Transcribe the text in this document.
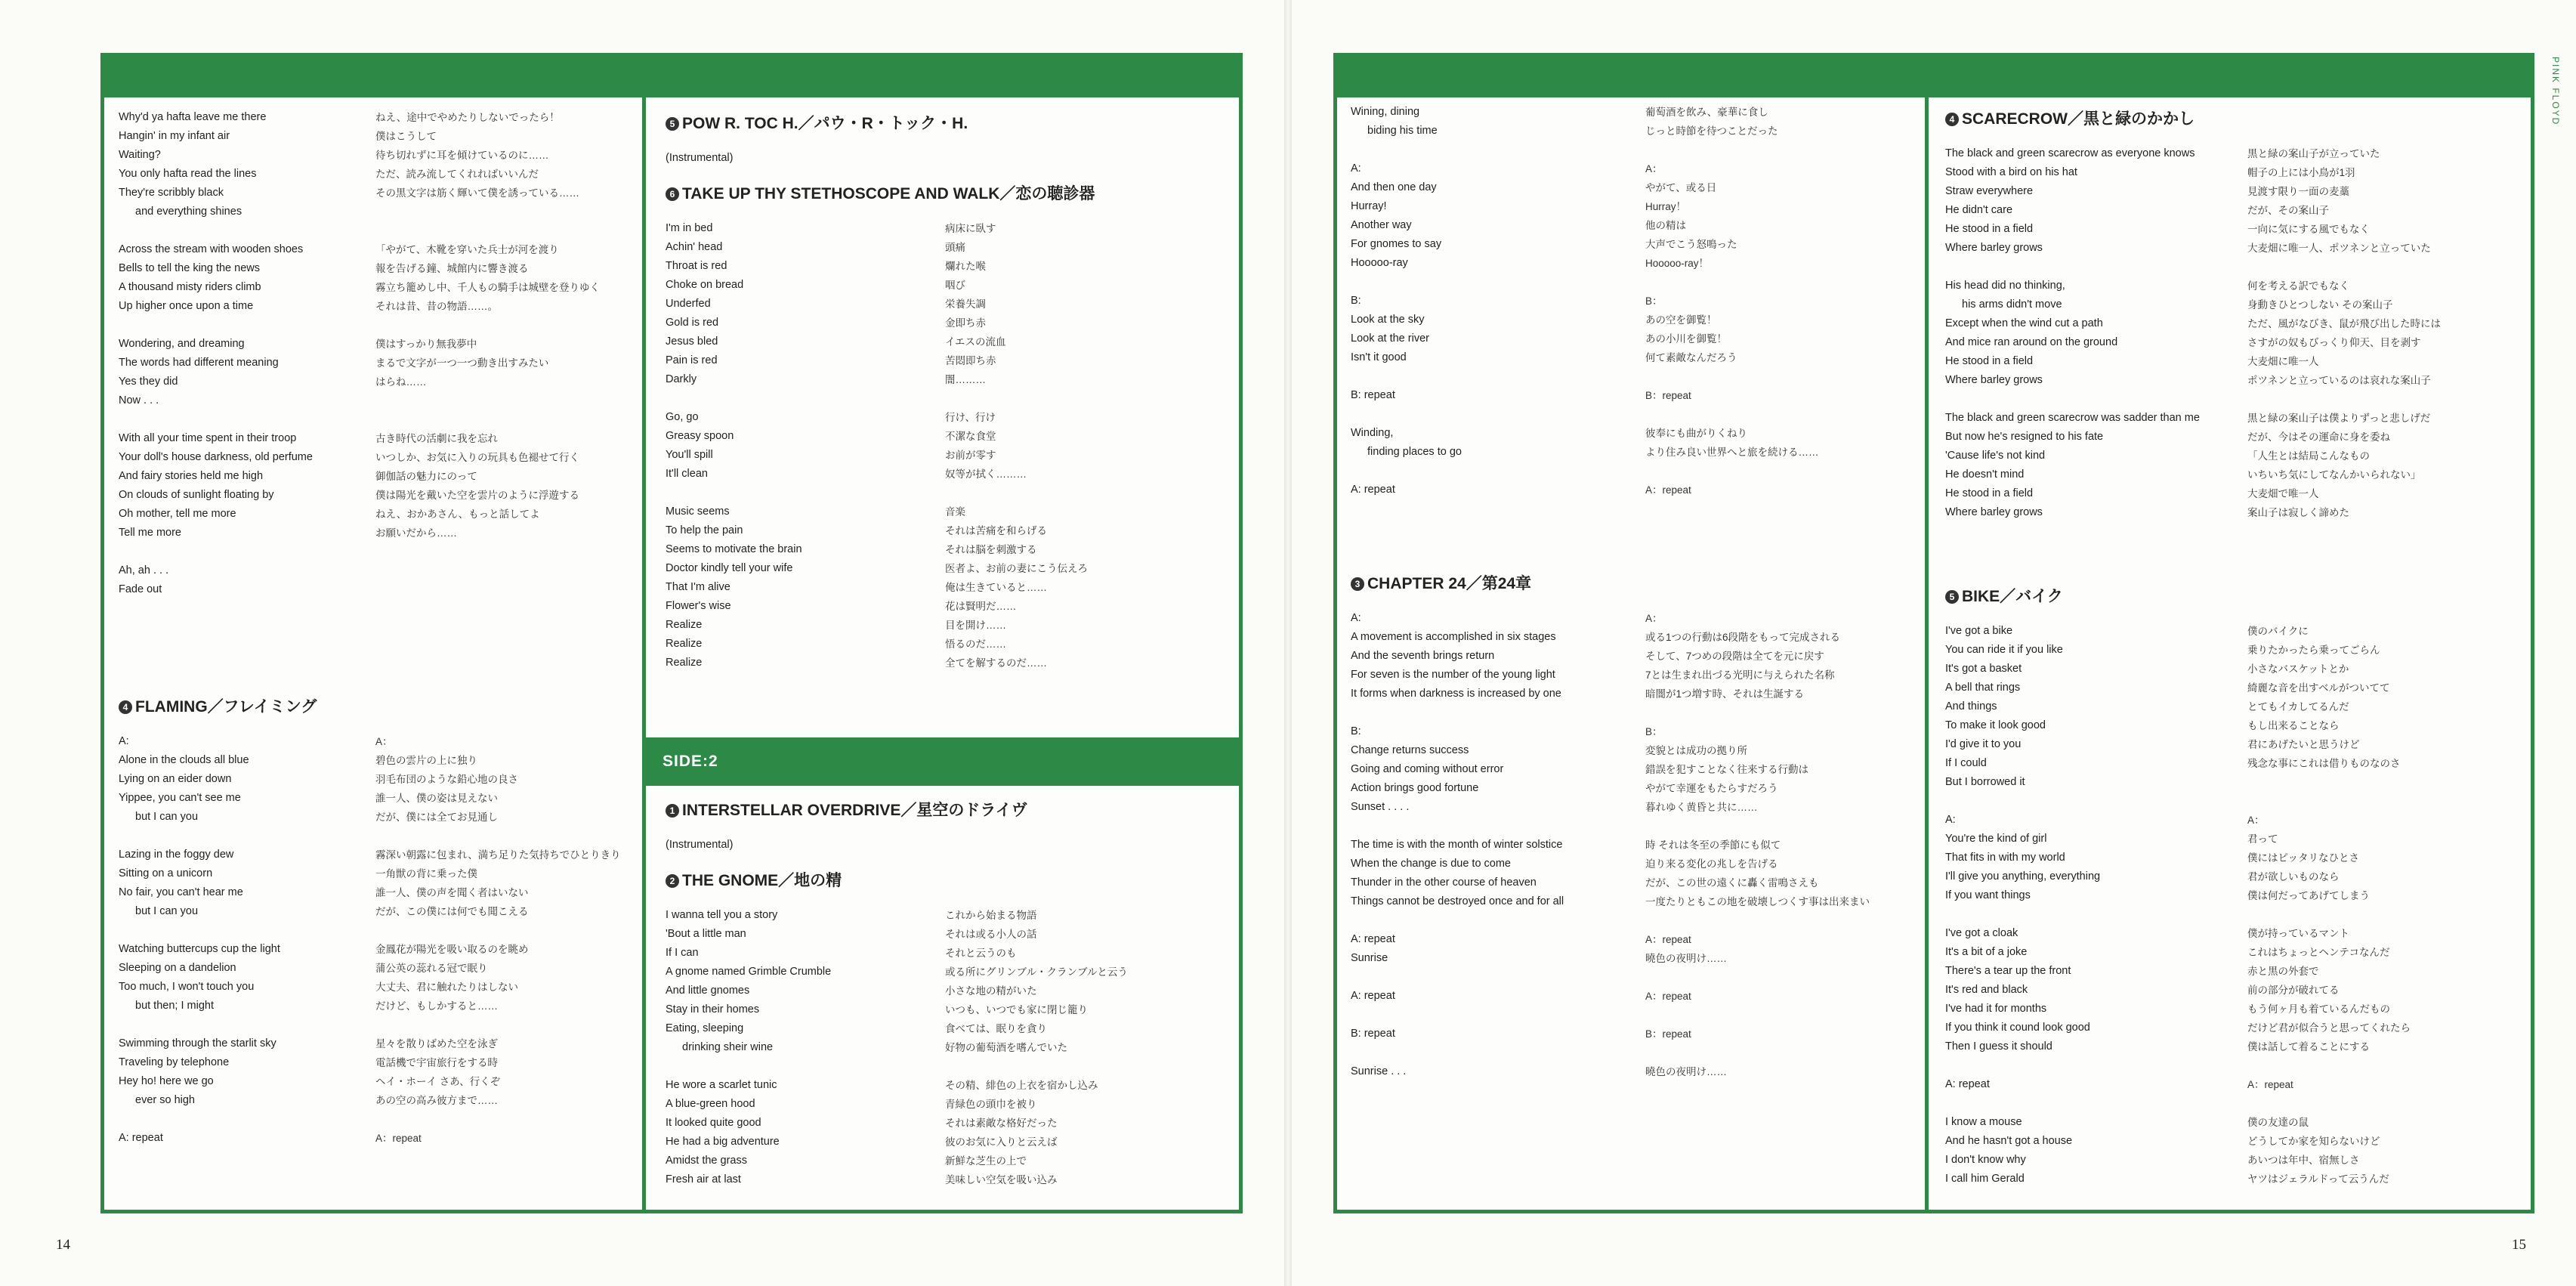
SIDE:2
Why'd ya hafta leave me there	ねえ、途中でやめたりしないでったら！
Hangin' in my infant air	僕はこうして
Waiting?	待ち切れずに耳を傾けているのに……
You only hafta read the lines	ただ、読み流してくれればいいんだ
They're scribbly black	その黒文字は筋く輝いて僕を誘っている……
and everything shines
Across the stream with wooden shoes	「やがて、木靴を穿いた兵士が河を渡り
Bells to tell the king the news	報を告げる鐘、城館内に響き渡る
A thousand misty riders climb	霧立ち籠めし中、千人もの騎手は城壁を登りゆく
Up higher once upon a time	それは昔、昔の物語……。
Wondering, and dreaming	僕はすっかり無我夢中
The words had different meaning	まるで文字が一つ一つ動き出すみたい
Yes they did	はらね……
Now . . .
With all your time spent in their troop	古き時代の活劇に我を忘れ
Your doll's house darkness, old perfume	いつしか、お気に入りの玩具も色褪せて行く
And fairy stories held me high	御伽話の魅力にのって
On clouds of sunlight floating by	僕は陽光を戴いた空を雲片のように浮遊する
Oh mother, tell me more	ねえ、おかあさん、もっと話してよ
Tell me more	お願いだから……
Ah, ah . . .
Fade out
4 FLAMING／フレイミング
A:	A：
Alone in the clouds all blue	碧色の雲片の上に独り
Lying on an eider down	羽毛布団のような鉛心地の良さ
Yippee, you can't see me	誰一人、僕の姿は見えない
but I can you	だが、僕には全てお見通し
Lazing in the foggy dew	霧深い朝露に包まれ、満ち足りた気持ちでひとりきり
Sitting on a unicorn	一角獣の背に乗った僕
No fair, you can't hear me	誰一人、僕の声を聞く者はいない
but I can you	だが、この僕には何でも聞こえる
Watching buttercups cup the light	金鳳花が陽光を吸い取るのを眺め
Sleeping on a dandelion	蒲公英の蕊れる冠で眠り
Too much, I won't touch you	大丈夫、君に触れたりはしない
but then; I might	だけど、もしかすると……
Swimming through the starlit sky	星々を散りばめた空を泳ぎ
Traveling by telephone	電話機で宇宙旅行をする時
Hey ho! here we go	ヘイ・ホーイ さあ、行くぞ
ever so high	あの空の高み彼方まで……
A: repeat	A：repeat
5 POW R. TOC H.／パウ・R・トック・H.
(Instrumental)
6 TAKE UP THY STETHOSCOPE AND WALK／恋の聴診器
I'm in bed	病床に臥す
Achin' head	頭痛
Throat is red	爛れた喉
Choke on bread	咽び
Underfed	栄養失調
Gold is red	金即ち赤
Jesus bled	イエスの流血
Pain is red	苦悶即ち赤
Darkly	闇………
Go, go	行け、行け
Greasy spoon	不潔な食堂
You'll spill	お前が零す
It'll clean	奴等が拭く………
Music seems	音楽
To help the pain	それは苦痛を和らげる
Seems to motivate the brain	それは脳を刺激する
Doctor kindly tell your wife	医者よ、お前の妻にこう伝えろ
That I'm alive	俺は生きていると……
Flower's wise	花は賢明だ……
Realize	目を開け……
Realize	悟るのだ……
Realize	全てを解するのだ……
1 INTERSTELLAR OVERDRIVE／星空のドライヴ
(Instrumental)
2 THE GNOME／地の精
I wanna tell you a story	これから始まる物語
'Bout a little man	それは或る小人の話
If I can	それと云うのも
A gnome named Grimble Crumble	或る所にグリンブル・クランブルと云う
And little gnomes	小さな地の精がいた
Stay in their homes	いつも、いつでも家に閉じ籠り
Eating, sleeping	食べては、眠りを貪り
drinking sheir wine	好物の葡萄酒を嗜んでいた
He wore a scarlet tunic	その精、緋色の上衣を宿かし込み
A blue-green hood	青緑色の頭巾を被り
It looked quite good	それは素敵な格好だった
He had a big adventure	彼のお気に入りと云えば
Amidst the grass	新鮮な芝生の上で
Fresh air at last	美味しい空気を吸い込み
14
Wining, dining	葡萄酒を飲み、豪華に食し
biding his time	じっと時節を待つことだった
A:	A：
And then one day	やがて、或る日
Hurray!	Hurray！
Another way	他の精は
For gnomes to say	大声でこう怒鳴った
Hooooo-ray	Hooooo-ray！
B:	B：
Look at the sky	あの空を御覧！
Look at the river	あの小川を御覧！
Isn't it good	何て素敵なんだろう
B: repeat	B：repeat
Winding,	彼奉にも曲がりくねり
finding places to go	より住み良い世界へと旅を続ける……
A: repeat	A：repeat
3 CHAPTER 24／第24章
A:	A：
A movement is accomplished in six stages	或る1つの行動は6段階をもって完成される
And the seventh brings return	そして、7つめの段階は全てを元に戻す
For seven is the number of the young light	7とは生まれ出づる光明に与えられた名称
It forms when darkness is increased by one	暗闇が1つ増す時、それは生誕する
B:	B：
Change returns success	変貌とは成功の拠り所
Going and coming without error	錯誤を犯すことなく往来する行動は
Action brings good fortune	やがて幸運をもたらすだろう
Sunset . . . .	暮れゆく黄昏と共に……
The time is with the month of winter solstice	時 それは冬至の季節にも似て
When the change is due to come	迫り来る変化の兆しを告げる
Thunder in the other course of heaven	だが、この世の遠くに轟く雷鳴さえも
Things cannot be destroyed once and for all	一度たりともこの地を破壊しつくす事は出来まい
A: repeat	A：repeat
Sunrise	曉色の夜明け……
A: repeat	A：repeat
B: repeat	B：repeat
Sunrise . . .	曉色の夜明け……
4 SCARECROW／黒と緑のかかし
The black and green scarecrow as everyone knows	黒と緑の案山子が立っていた
Stood with a bird on his hat	帽子の上には小鳥が1羽
Straw everywhere	見渡す限り一面の麦藁
He didn't care	だが、その案山子
He stood in a field	一向に気にする風でもなく
Where barley grows	大麦畑に唯一人、ポツネンと立っていた
His head did no thinking,	何を考える訳でもなく
his arms didn't move	身動きひとつしない その案山子
Except when the wind cut a path	ただ、風がなびき、鼠が飛び出した時には
And mice ran around on the ground	さすがの奴もびっくり仰天、目を剥す
He stood in a field	大麦畑に唯一人
Where barley grows	ポツネンと立っているのは哀れな案山子
The black and green scarecrow was sadder than me	黒と緑の案山子は僕よりずっと悲しげだ
But now he's resigned to his fate	だが、今はその運命に身を委ね
'Cause life's not kind	「人生とは結局こんなもの
He doesn't mind	いちいち気にしてなんかいられない」
He stood in a field	大麦畑で唯一人
Where barley grows	案山子は寂しく諦めた
5 BIKE／バイク
I've got a bike	僕のバイクに
You can ride it if you like	乗りたかったら乗ってごらん
It's got a basket	小さなバスケットとか
A bell that rings	綺麗な音を出すベルがついてて
And things	とてもイカしてるんだ
To make it look good	もし出来ることなら
I'd give it to you	君にあげたいと思うけど
If I could	残念な事にこれは借りものなのさ
But I borrowed it
A:	A：
You're the kind of girl	君って
That fits in with my world	僕にはピッタリなひとさ
I'll give you anything, everything	君が欲しいものなら
If you want things	僕は何だってあげてしまう
I've got a cloak	僕が持っているマント
It's a bit of a joke	これはちょっとヘンテコなんだ
There's a tear up the front	赤と黒の外套で
It's red and black	前の部分が破れてる
I've had it for months	もう何ヶ月も着ているんだもの
If you think it cound look good	だけど君が似合うと思ってくれたら
Then I guess it should	僕は話して着ることにする
A: repeat	A：repeat
I know a mouse	僕の友達の鼠
And he hasn't got a house	どうしてか家を知らないけど
I don't know why	あいつは年中、宿無しさ
I call him Gerald	ヤツはジェラルドって云うんだ
15
PINK FLOYD
